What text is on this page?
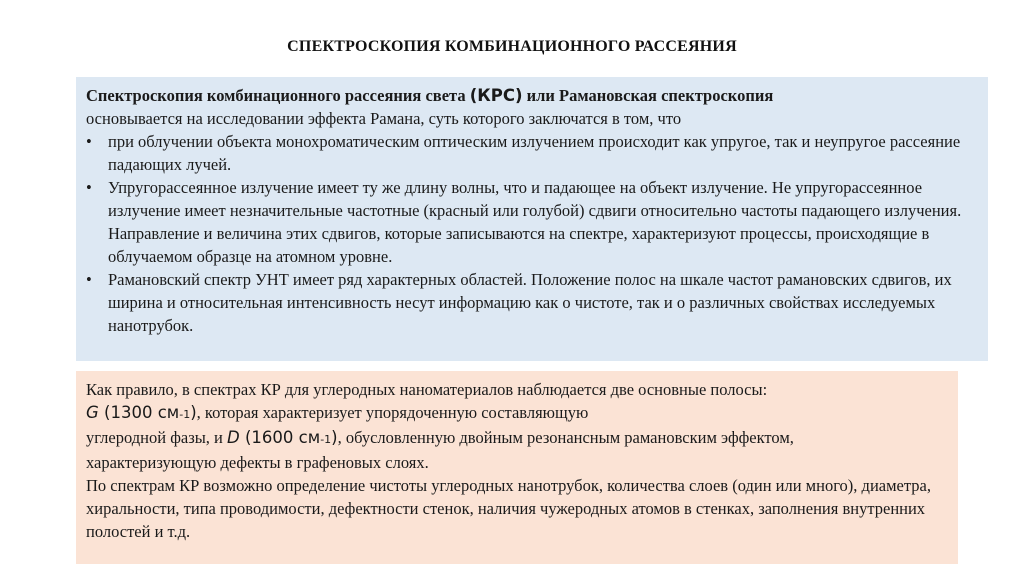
СПЕКТРОСКОПИЯ КОМБИНАЦИОННОГО РАССЕЯНИЯ

Спектроскопия комбинационного рассеяния света (КРС) или Рамановская спектроскопия

основывается на исследовании эффекта Рамана, суть которого заключатся в том, что

• при облучении объекта монохроматическим оптическим излучением происходит как упругое, так и неупругое рассеяние падающих лучей.
• Упругорассеянное излучение имеет ту же длину волны, что и падающее на объект излучение. Не упругорассеянное излучение имеет незначительные частотные (красный или голубой) сдвиги относительно частоты падающего излучения.

Направление и величина этих сдвигов, которые записываются на спектре, характеризуют процессы, происходящие в облучаемом образце на атомном уровне.

• Рамановский спектр УНТ имеет ряд характерных областей. Положение полос на шкале частот рамановских сдвигов, их ширина и относительная интенсивность несут информацию как о чистоте, так и о различных свойствах исследуемых нанотрубок.

Как правило, в спектрах КР для углеродных наноматериалов наблюдается две основные полосы:

G (1300 см-1), которая характеризует упорядоченную составляющую

углеродной фазы, и D (1600 см-1), обусловленную двойным резонансным рамановским эффектом,

характеризующую дефекты в графеновых слоях.

По спектрам КР возможно определение чистоты углеродных нанотрубок, количества слоев (один или много), диаметра, хиральности, типа проводимости, дефектности стенок, наличия чужеродных атомов в стенках, заполнения внутренних полостей и т.д.
